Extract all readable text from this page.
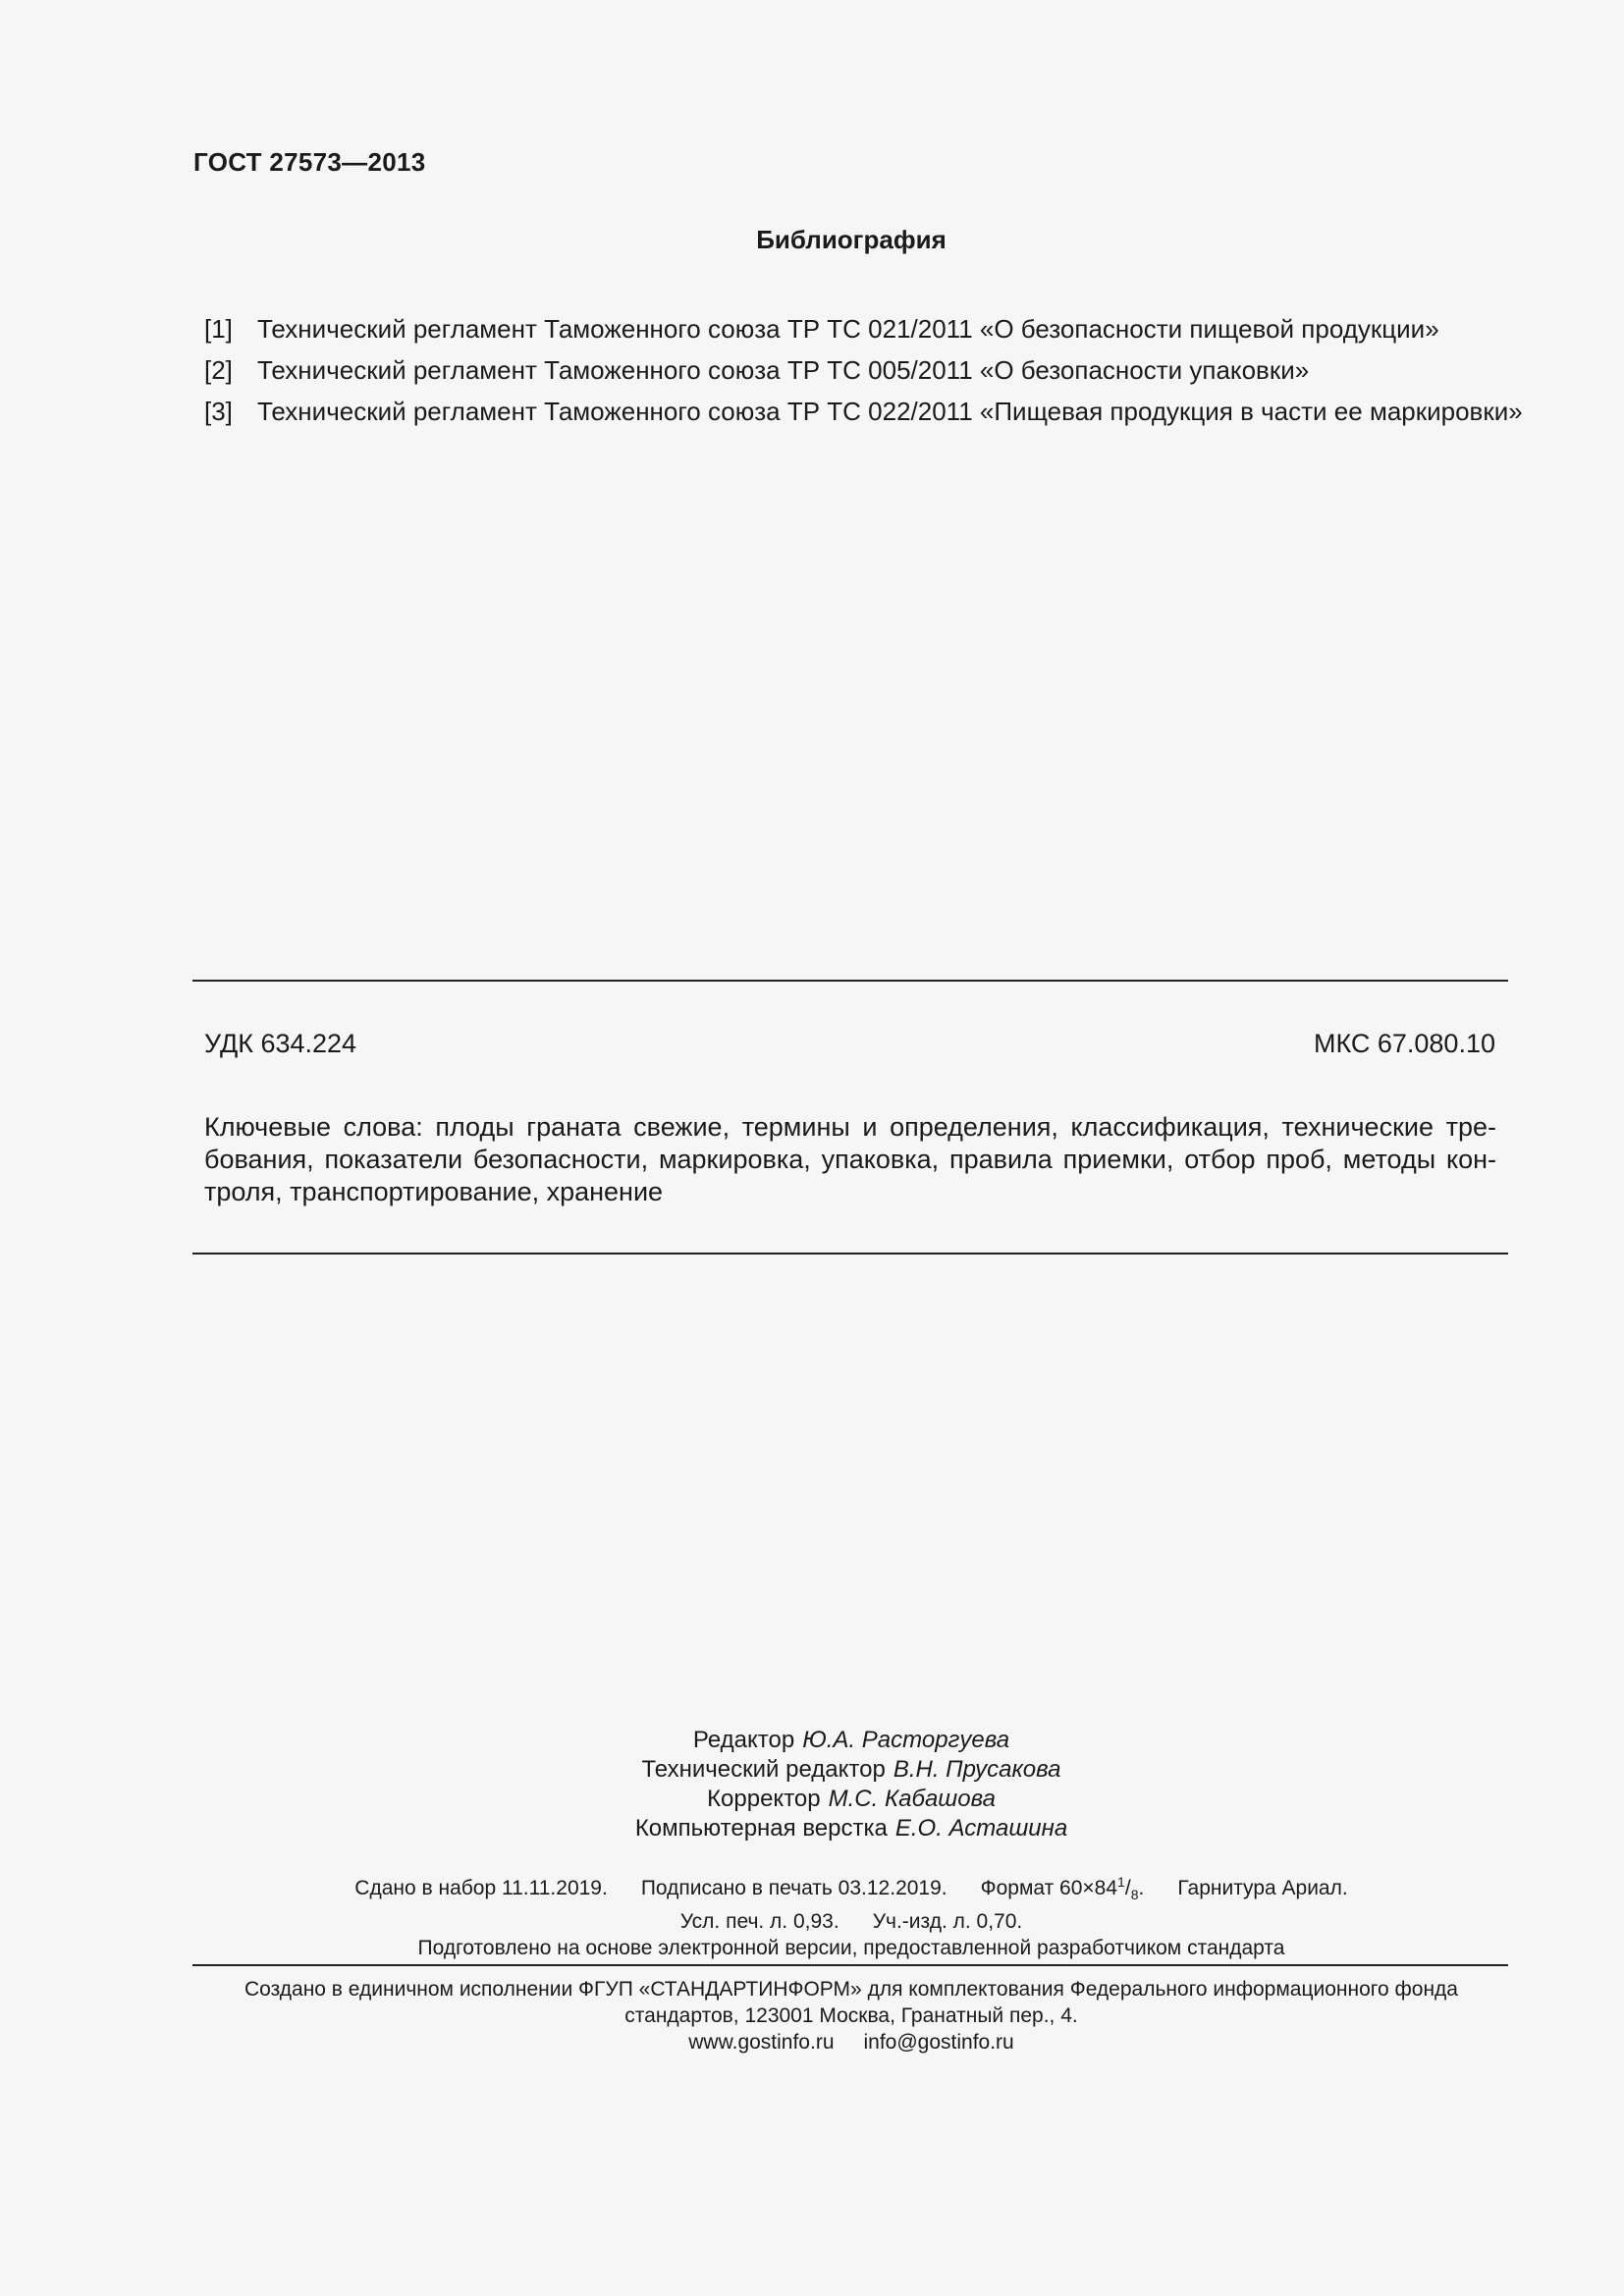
ГОСТ 27573—2013
Библиография
[1] Технический регламент Таможенного союза ТР ТС 021/2011 «О безопасности пищевой продукции»
[2] Технический регламент Таможенного союза ТР ТС 005/2011 «О безопасности упаковки»
[3] Технический регламент Таможенного союза ТР ТС 022/2011 «Пищевая продукция в части ее маркировки»
УДК 634.224	МКС 67.080.10
Ключевые слова: плоды граната свежие, термины и определения, классификация, технические тре-
бования, показатели безопасности, маркировка, упаковка, правила приемки, отбор проб, методы кон-
троля, транспортирование, хранение
Редактор Ю.А. Расторгуева
Технический редактор В.Н. Прусакова
Корректор М.С. Кабашова
Компьютерная верстка Е.О. Асташина
Сдано в набор 11.11.2019. Подписано в печать 03.12.2019. Формат $60\times 84^1/_8$. Гарнитура Ариал.
Усл. печ. л. 0,93. Уч.-изд. л. 0,70.
Подготовлено на основе электронной версии, предоставленной разработчиком стандарта
Создано в единичном исполнении ФГУП «СТАНДАРТИНФОРМ» для комплектования Федерального информационного фонда
стандартов, 123001 Москва, Гранатный пер., 4.
www.gostinfo.ru info@gostinfo.ru
